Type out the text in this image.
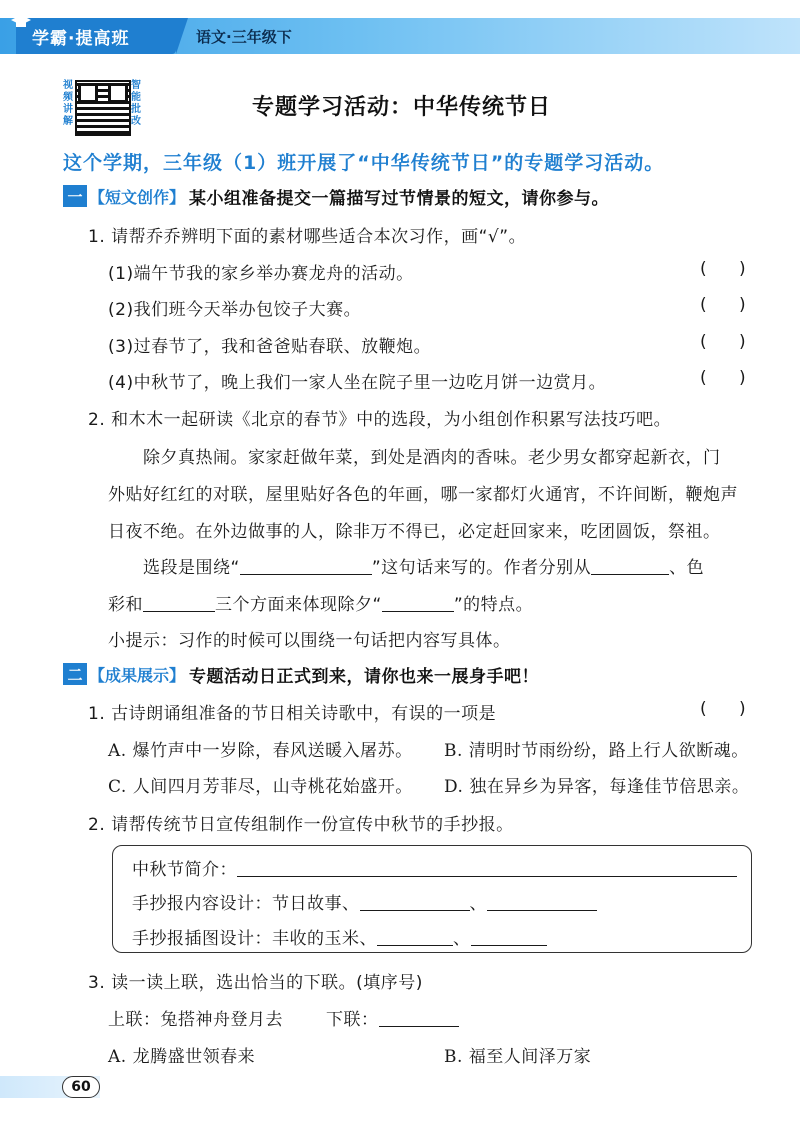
学霸·提高班	语文·三年级下
视频讲解
智能批改
专题学习活动：中华传统节日
这个学期，三年级（1）班开展了“中华传统节日”的专题学习活动。
一 【短文创作】 某小组准备提交一篇描写过节情景的短文，请你参与。
1. 请帮乔乔辨明下面的素材哪些适合本次习作，画“√”。
(1)端午节我的家乡举办赛龙舟的活动。	(      )
(2)我们班今天举办包饺子大赛。	(      )
(3)过春节了，我和爸爸贴春联、放鞭炮。	(      )
(4)中秋节了，晚上我们一家人坐在院子里一边吃月饼一边赏月。	(      )
2. 和木木一起研读《北京的春节》中的选段，为小组创作积累写法技巧吧。
除夕真热闹。家家赶做年菜，到处是酒肉的香味。老少男女都穿起新衣，门
外贴好红红的对联，屋里贴好各色的年画，哪一家都灯火通宵，不许间断，鞭炮声
日夜不绝。在外边做事的人，除非万不得已，必定赶回家来，吃团圆饭，祭祖。
选段是围绕“	”这句话来写的。作者分别从	、色
彩和	三个方面来体现除夕“	”的特点。
小提示：习作的时候可以围绕一句话把内容写具体。
二 【成果展示】 专题活动日正式到来，请你也来一展身手吧！
1. 古诗朗诵组准备的节日相关诗歌中，有误的一项是	(      )
A. 爆竹声中一岁除，春风送暖入屠苏。 B. 清明时节雨纷纷，路上行人欲断魂。
C. 人间四月芳菲尽，山寺桃花始盛开。 D. 独在异乡为异客，每逢佳节倍思亲。
2. 请帮传统节日宣传组制作一份宣传中秋节的手抄报。
中秋节简介：
手抄报内容设计：节日故事、	、
手抄报插图设计：丰收的玉米、	、
3. 读一读上联，选出恰当的下联。(填序号)
上联：兔搭神舟登月去	下联：
A. 龙腾盛世领春来	B. 福至人间泽万家
60
